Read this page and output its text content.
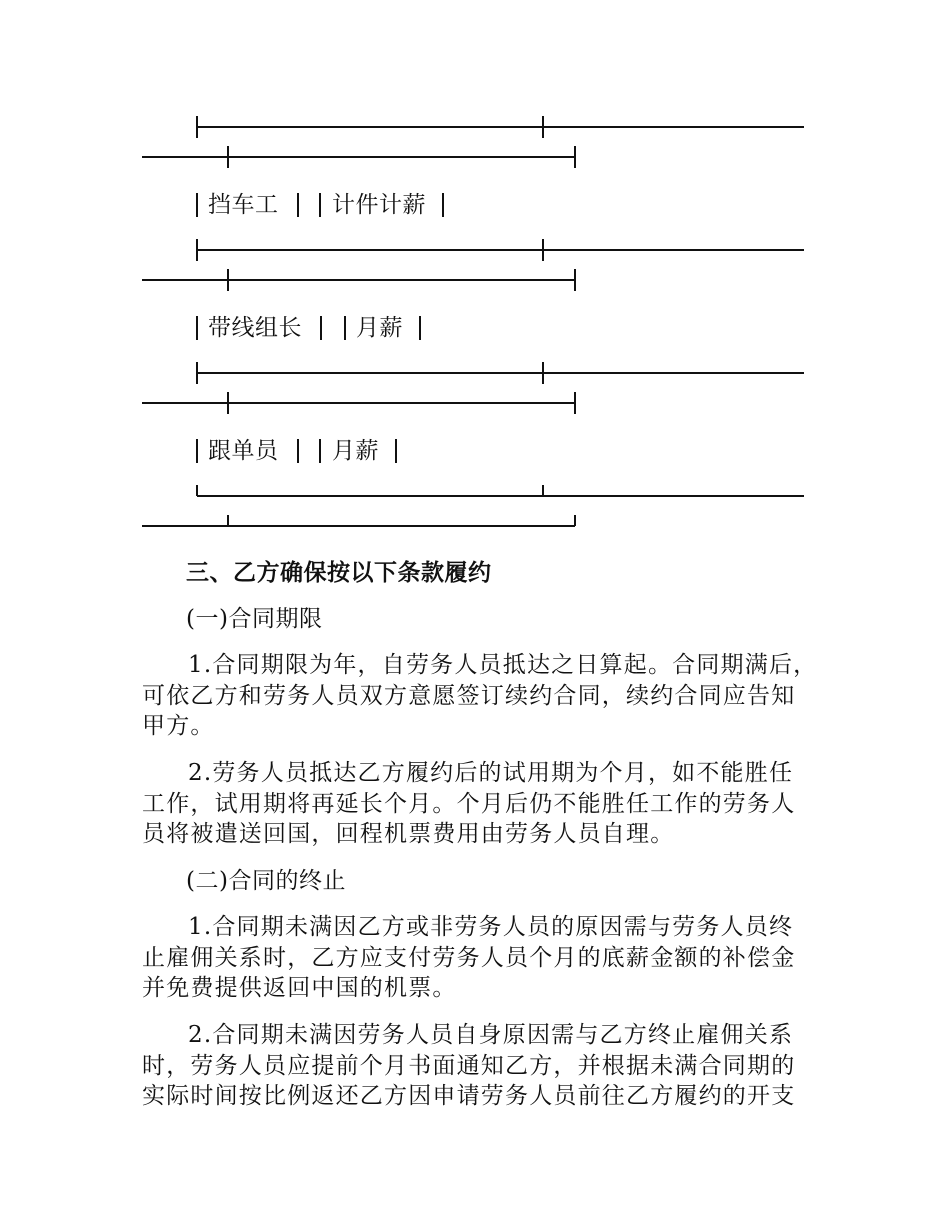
挡车工 计件计薪
带线组长 月薪
跟单员 月薪
三、乙方确保按以下条款履约
(一)合同期限
1.合同期限为年，自劳务人员抵达之日算起。合同期满后，
可依乙方和劳务人员双方意愿签订续约合同，续约合同应告知
甲方。
2.劳务人员抵达乙方履约后的试用期为个月，如不能胜任
工作，试用期将再延长个月。个月后仍不能胜任工作的劳务人
员将被遣送回国，回程机票费用由劳务人员自理。
(二)合同的终止
1.合同期未满因乙方或非劳务人员的原因需与劳务人员终
止雇佣关系时，乙方应支付劳务人员个月的底薪金额的补偿金
并免费提供返回中国的机票。
2.合同期未满因劳务人员自身原因需与乙方终止雇佣关系
时，劳务人员应提前个月书面通知乙方，并根据未满合同期的
实际时间按比例返还乙方因申请劳务人员前往乙方履约的开支
